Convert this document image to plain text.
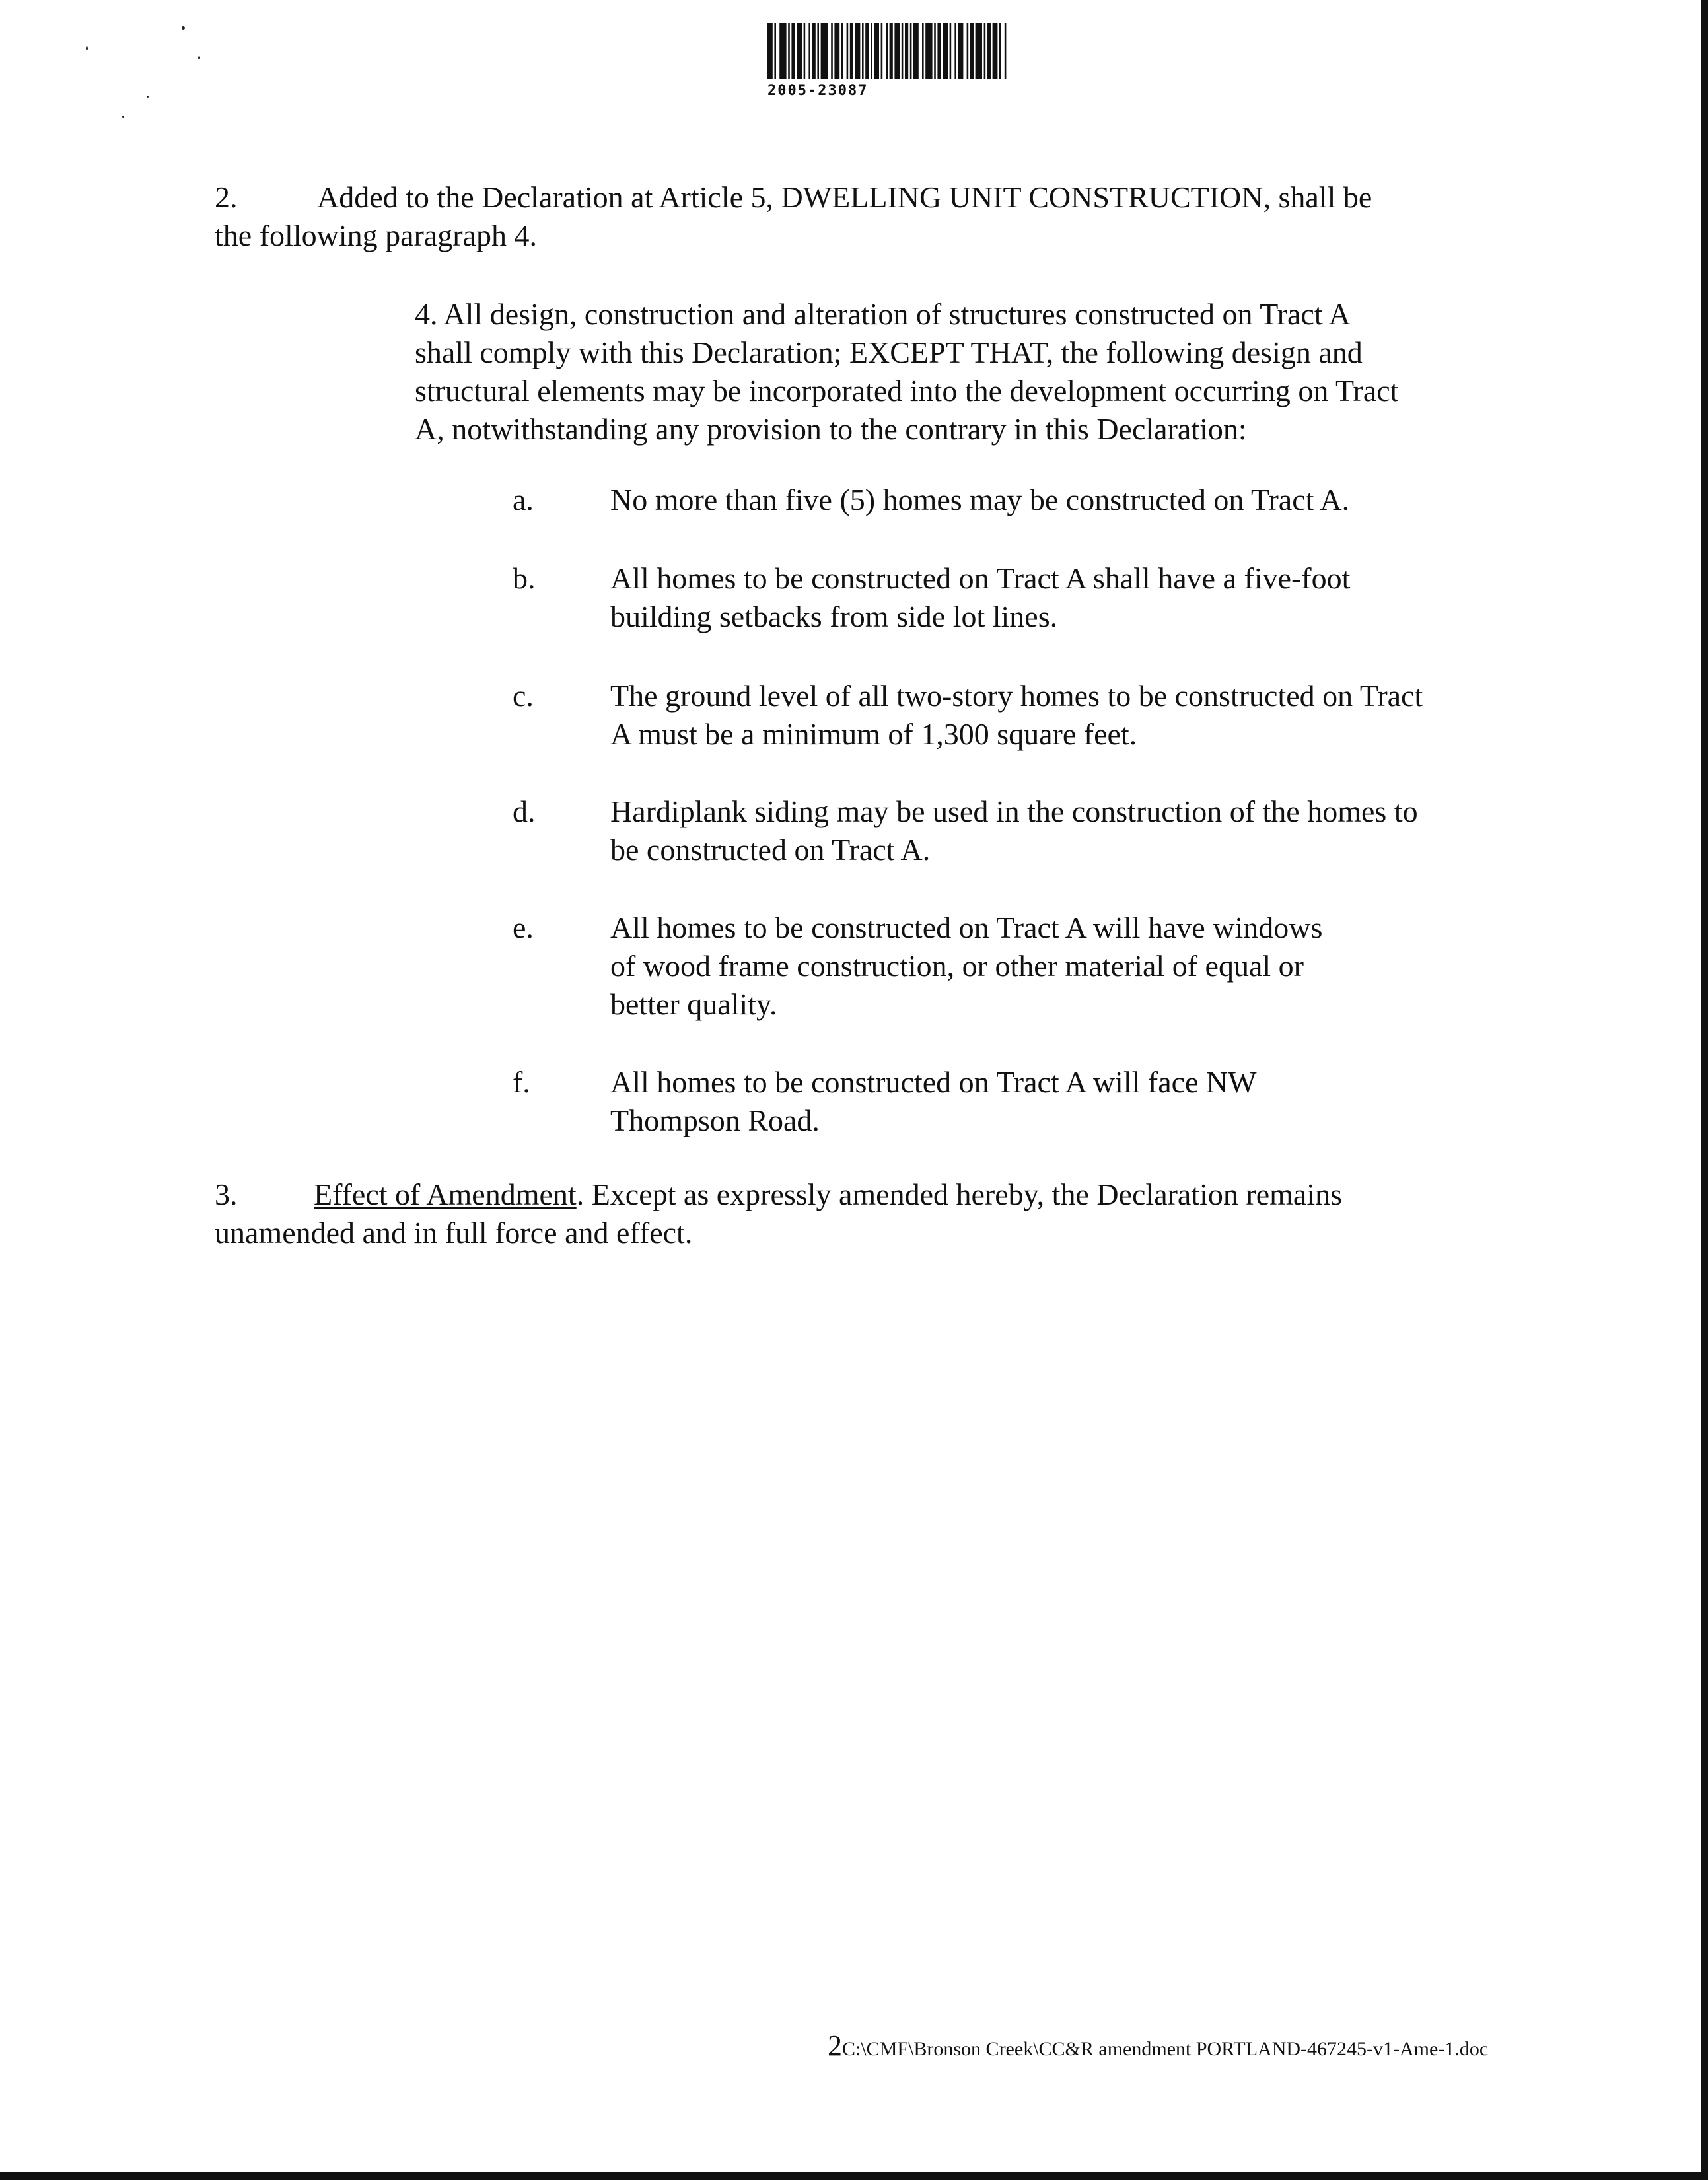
2005-23087
2.	Added to the Declaration at Article 5, DWELLING UNIT CONSTRUCTION, shall be
the following paragraph 4.
4. All design, construction and alteration of structures constructed on Tract A
shall comply with this Declaration; EXCEPT THAT, the following design and
structural elements may be incorporated into the development occurring on Tract
A, notwithstanding any provision to the contrary in this Declaration:
a.	No more than five (5) homes may be constructed on Tract A.
b. All homes to be constructed on Tract A shall have a five-foot
building setbacks from side lot lines.
c.	The ground level of all two-story homes to be constructed on Tract
A must be a minimum of 1,300 square feet.
d. Hardiplank siding may be used in the construction of the homes to
be constructed on Tract A.
e.	All homes to be constructed on Tract A will have windows
of wood frame construction, or other material of equal or
better quality.
f.	All homes to be constructed on Tract A will face NW
Thompson Road.
3.	Effect of Amendment. Except as expressly amended hereby, the Declaration remains
unamended and in full force and effect.
2C:\CMF\Bronson Creek\CC&R amendment PORTLAND-467245-v1-Ame-1.doc
